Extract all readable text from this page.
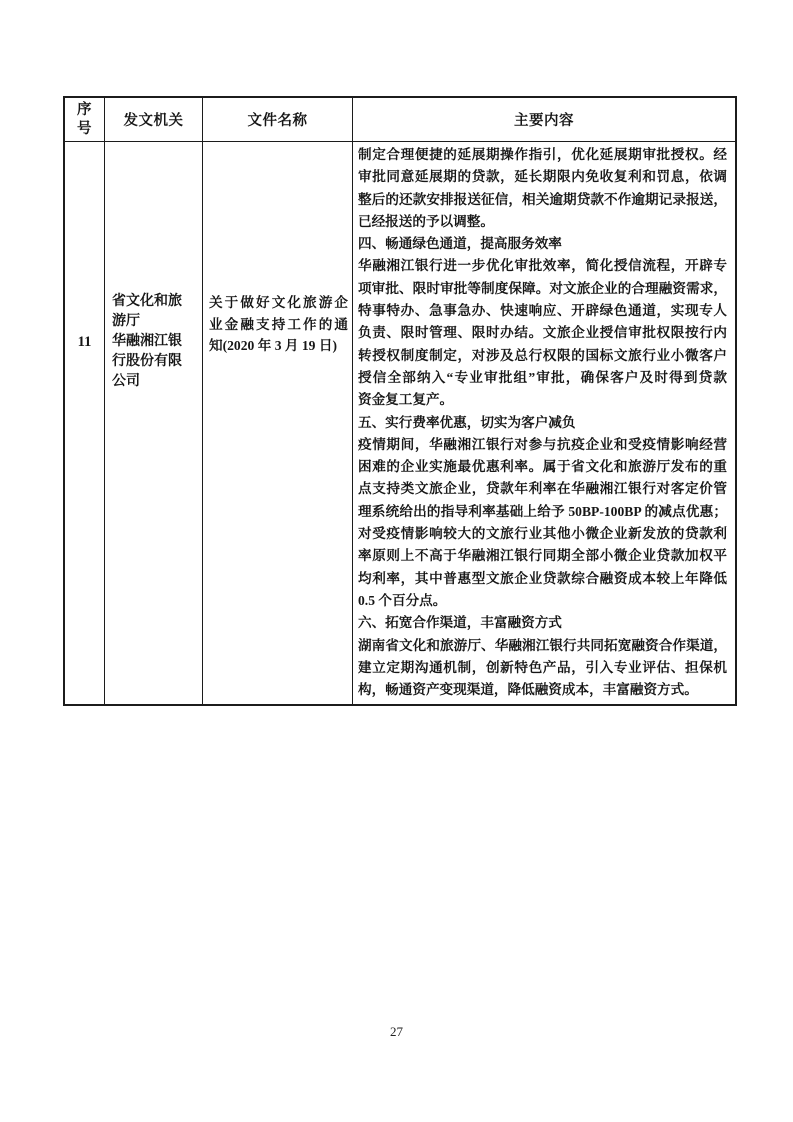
序号 发文机关	文件名称	主要内容
11
省文化和旅
游厅
华融湘江银
行股份有限
公司
关于做好文化旅游企
业金融支持工作的通
知(2020 年 3 月 19 日)
制定合理便捷的延展期操作指引，优化延展期审批授权。经
审批同意延展期的贷款，延长期限内免收复利和罚息，依调
整后的还款安排报送征信，相关逾期贷款不作逾期记录报送，
已经报送的予以调整。
四、畅通绿色通道，提高服务效率
华融湘江银行进一步优化审批效率，简化授信流程，开辟专
项审批、限时审批等制度保障。对文旅企业的合理融资需求，
特事特办、急事急办、快速响应、开辟绿色通道，实现专人
负责、限时管理、限时办结。文旅企业授信审批权限按行内
转授权制度制定，对涉及总行权限的国标文旅行业小微客户
授信全部纳入“专业审批组”审批，确保客户及时得到贷款
资金复工复产。
五、实行费率优惠，切实为客户减负
疫情期间，华融湘江银行对参与抗疫企业和受疫情影响经营
困难的企业实施最优惠利率。属于省文化和旅游厅发布的重
点支持类文旅企业，贷款年利率在华融湘江银行对客定价管
理系统给出的指导利率基础上给予 50BP-100BP 的减点优惠；
对受疫情影响较大的文旅行业其他小微企业新发放的贷款利
率原则上不高于华融湘江银行同期全部小微企业贷款加权平
均利率，其中普惠型文旅企业贷款综合融资成本较上年降低
0.5 个百分点。
六、拓宽合作渠道，丰富融资方式
湖南省文化和旅游厅、华融湘江银行共同拓宽融资合作渠道，
建立定期沟通机制，创新特色产品，引入专业评估、担保机
构，畅通资产变现渠道，降低融资成本，丰富融资方式。
27
